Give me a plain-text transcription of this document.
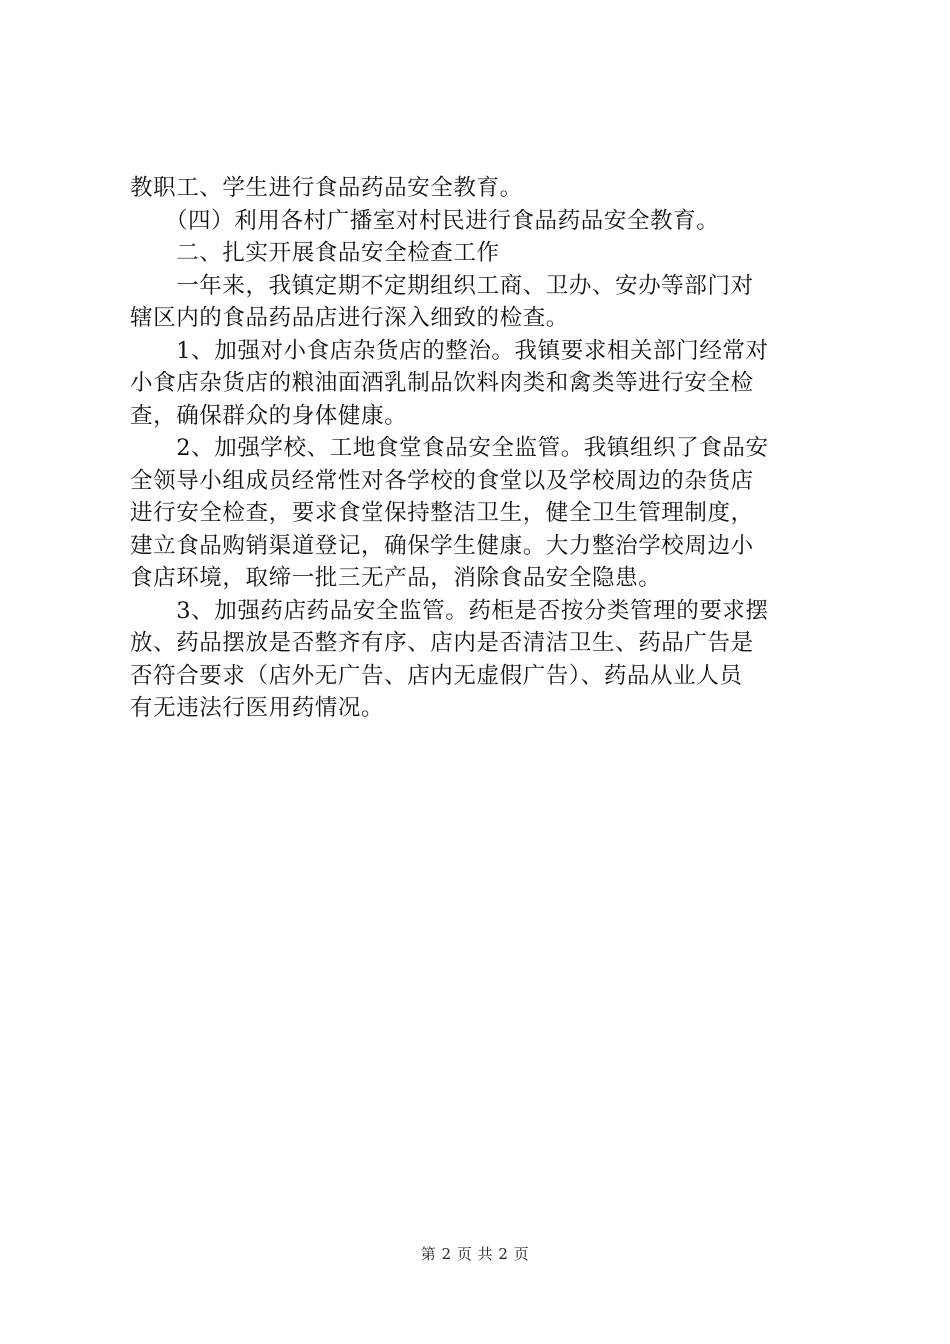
教职工、学生进行食品药品安全教育。
　　（四）利用各村广播室对村民进行食品药品安全教育。
　　二、扎实开展食品安全检查工作
　　一年来，我镇定期不定期组织工商、卫办、安办等部门对
辖区内的食品药品店进行深入细致的检查。
　　1、加强对小食店杂货店的整治。我镇要求相关部门经常对
小食店杂货店的粮油面酒乳制品饮料肉类和禽类等进行安全检
查，确保群众的身体健康。
　　2、加强学校、工地食堂食品安全监管。我镇组织了食品安
全领导小组成员经常性对各学校的食堂以及学校周边的杂货店
进行安全检查，要求食堂保持整洁卫生，健全卫生管理制度，
建立食品购销渠道登记，确保学生健康。大力整治学校周边小
食店环境，取缔一批三无产品，消除食品安全隐患。
　　3、加强药店药品安全监管。药柜是否按分类管理的要求摆
放、药品摆放是否整齐有序、店内是否清洁卫生、药品广告是
否符合要求（店外无广告、店内无虚假广告）、药品从业人员
有无违法行医用药情况。
第 2 页 共 2 页
